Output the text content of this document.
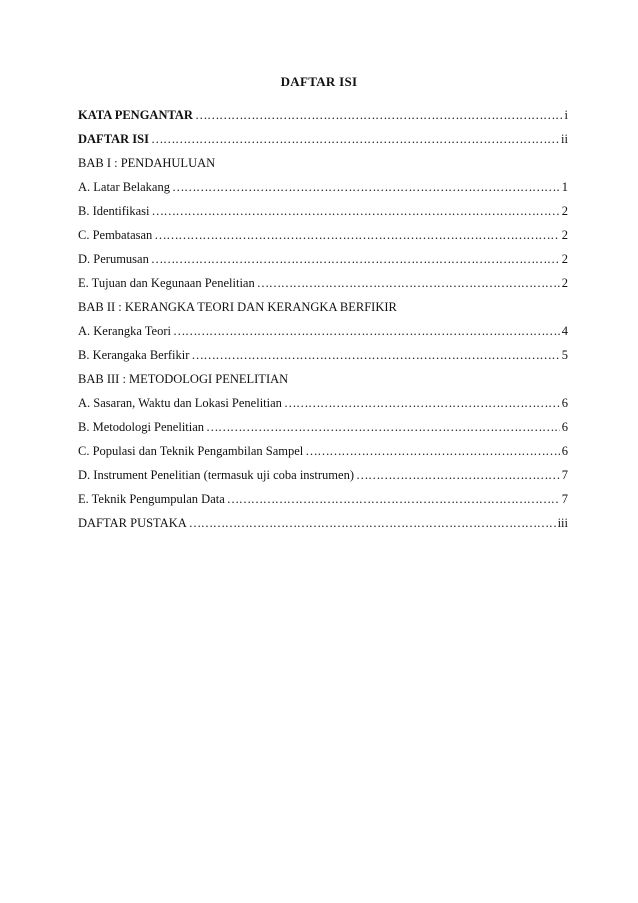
DAFTAR ISI
KATA PENGANTAR ……………………………………………………………………………………………………………………………………………………………………………………………	i
DAFTAR ISI ……………………………………………………………………………………………………………………………………………………………………………………………	ii
BAB I : PENDAHULUAN
A. Latar Belakang ……………………………………………………………………………………………………………………………………………………………………………………………	1
B. Identifikasi ……………………………………………………………………………………………………………………………………………………………………………………………	2
C. Pembatasan ……………………………………………………………………………………………………………………………………………………………………………………………	2
D. Perumusan ……………………………………………………………………………………………………………………………………………………………………………………………	2
E. Tujuan dan Kegunaan Penelitian ……………………………………………………………………………………………………………………………………………………………………………………………	2
BAB II : KERANGKA TEORI DAN KERANGKA BERFIKIR
A. Kerangka Teori ……………………………………………………………………………………………………………………………………………………………………………………………	4
B. Kerangaka Berfikir ……………………………………………………………………………………………………………………………………………………………………………………………	5
BAB III : METODOLOGI PENELITIAN
A. Sasaran, Waktu dan Lokasi Penelitian ……………………………………………………………………………………………………………………………………………………………………………………………	6
B. Metodologi Penelitian ……………………………………………………………………………………………………………………………………………………………………………………………	6
C. Populasi dan Teknik Pengambilan Sampel ……………………………………………………………………………………………………………………………………………………………………………………………	6
D. Instrument Penelitian (termasuk uji coba instrumen) ……………………………………………………………………………………………………………………………………………………………………………………………	7
E. Teknik Pengumpulan Data ……………………………………………………………………………………………………………………………………………………………………………………………	7
DAFTAR PUSTAKA ……………………………………………………………………………………………………………………………………………………………………………………………	iii
